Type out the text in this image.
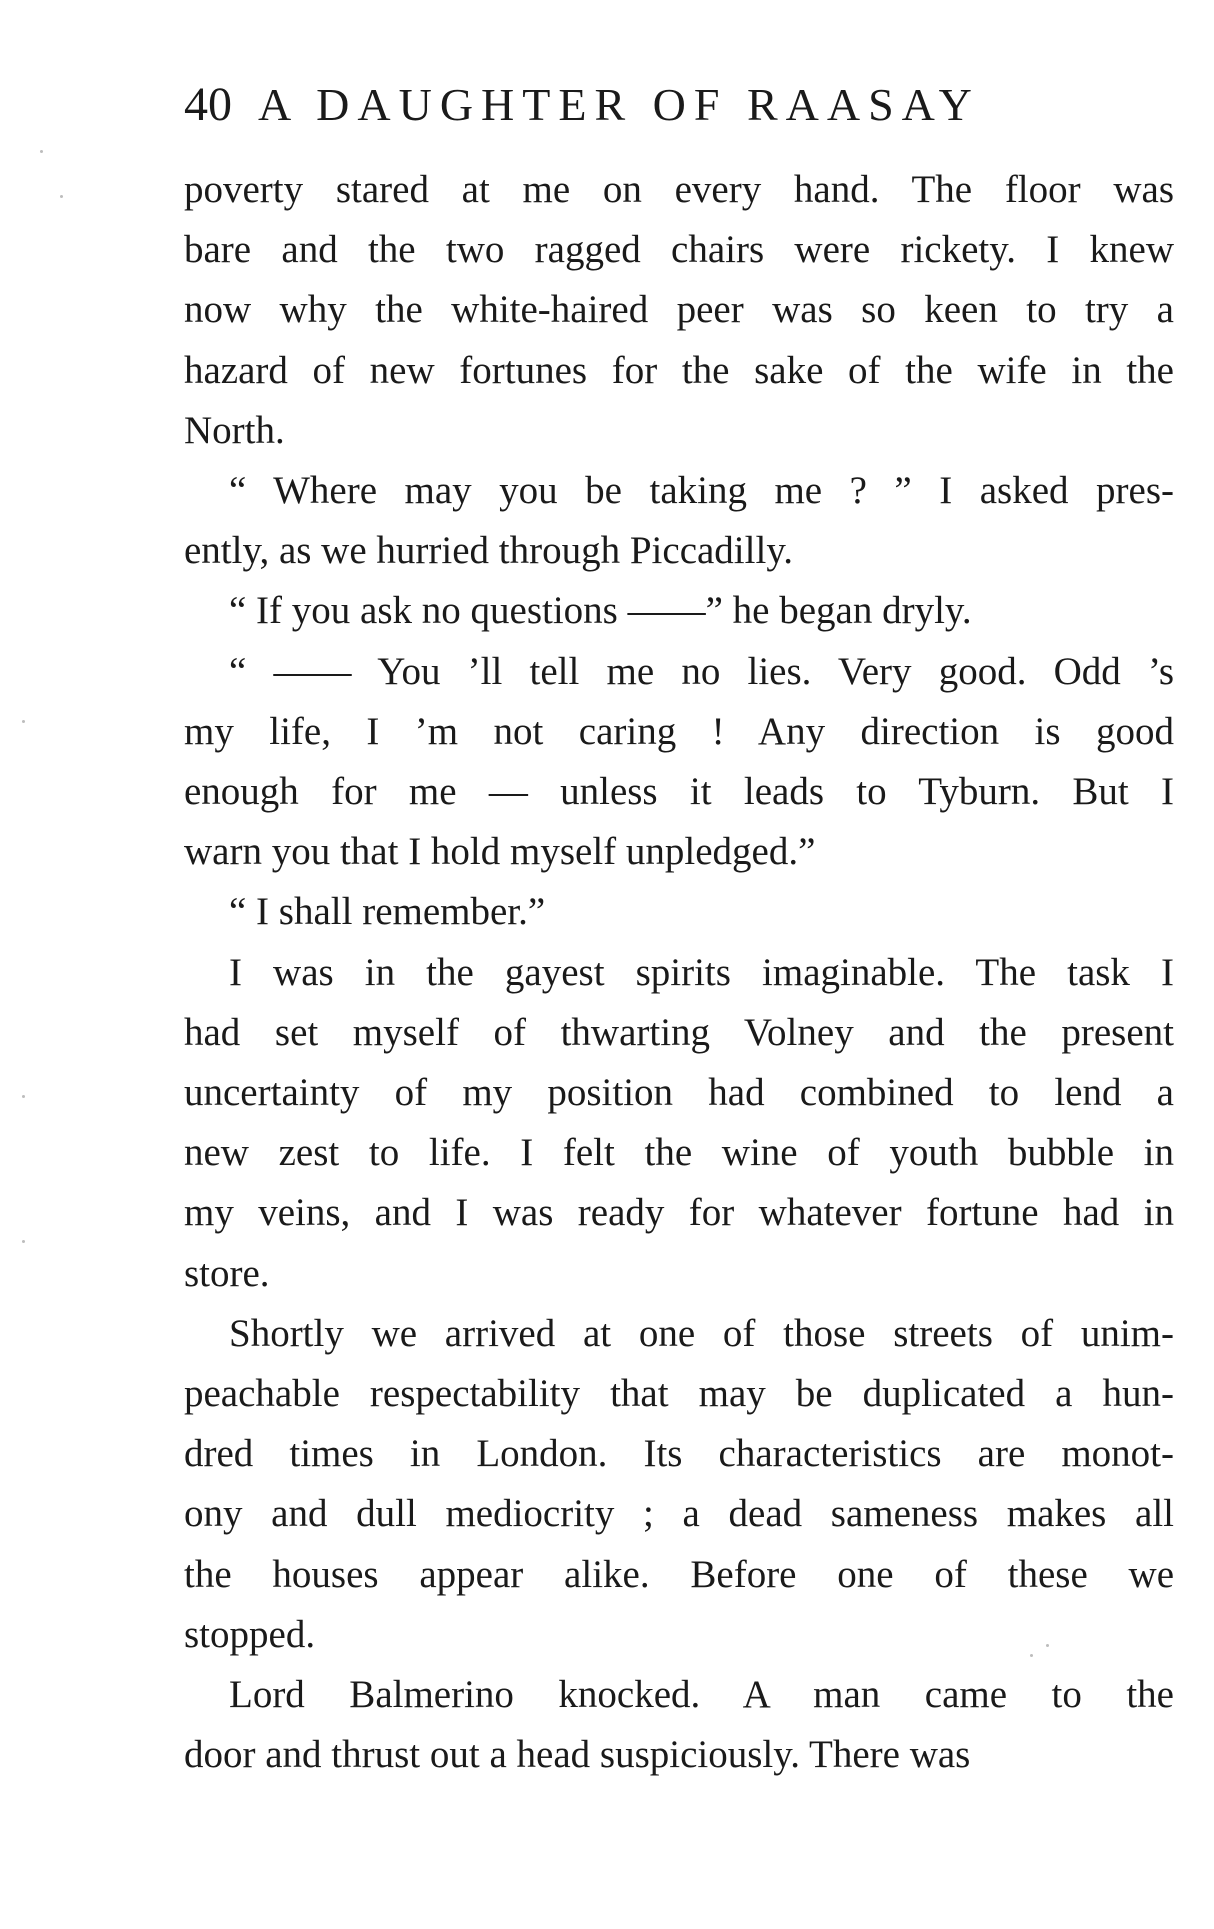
40 A DAUGHTER OF RAASAY
poverty stared at me on every hand. The floor was
bare and the two ragged chairs were rickety. I knew
now why the white-haired peer was so keen to try a
hazard of new fortunes for the sake of the wife in the
North.
“ Where may you be taking me ? ” I asked pres-
ently, as we hurried through Piccadilly.
“ If you ask no questions ——” he began dryly.
“ —— You ’ll tell me no lies. Very good. Odd ’s
my life, I ’m not caring ! Any direction is good
enough for me — unless it leads to Tyburn. But I
warn you that I hold myself unpledged.”
“ I shall remember.”
I was in the gayest spirits imaginable. The task I
had set myself of thwarting Volney and the present
uncertainty of my position had combined to lend a
new zest to life. I felt the wine of youth bubble in
my veins, and I was ready for whatever fortune had in
store.
Shortly we arrived at one of those streets of unim-
peachable respectability that may be duplicated a hun-
dred times in London. Its characteristics are monot-
ony and dull mediocrity ; a dead sameness makes all
the houses appear alike. Before one of these we
stopped.
Lord Balmerino knocked. A man came to the
door and thrust out a head suspiciously. There was
